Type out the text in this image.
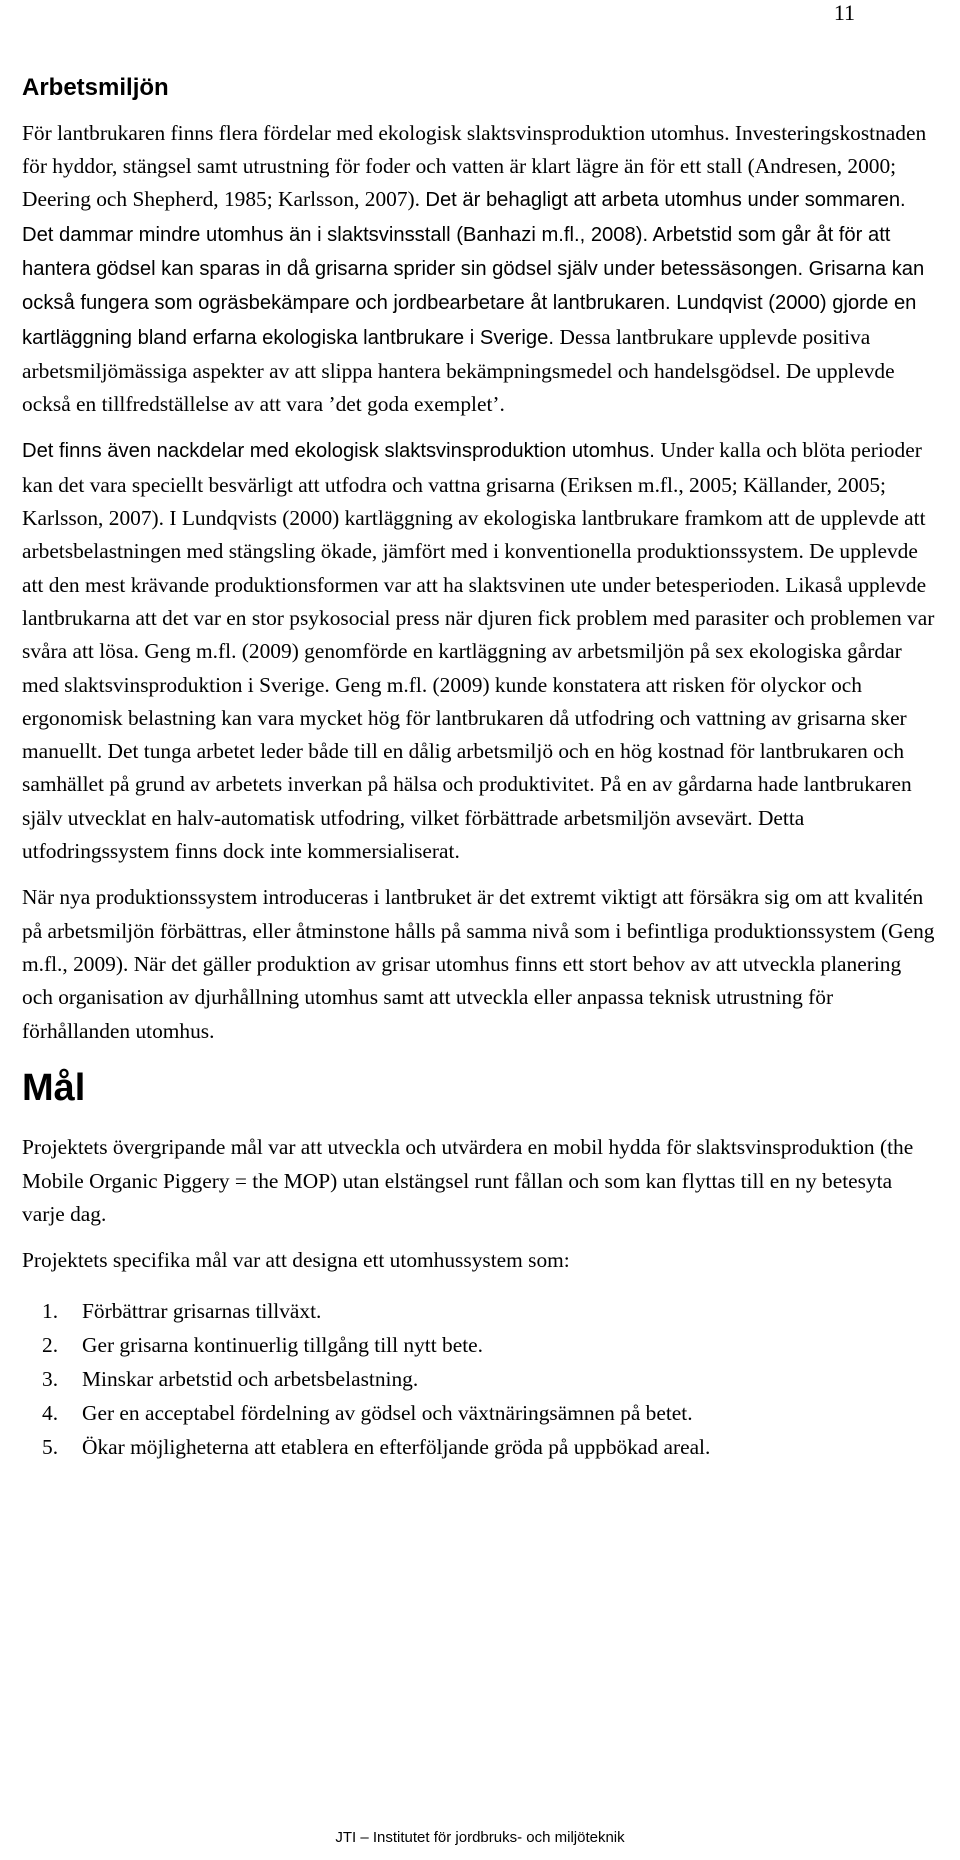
11
Arbetsmiljön

För lantbrukaren finns flera fördelar med ekologisk slaktsvinsproduktion utomhus. Investeringskostnaden för hyddor, stängsel samt utrustning för foder och vatten är klart lägre än för ett stall (Andresen, 2000; Deering och Shepherd, 1985; Karlsson, 2007). Det är behagligt att arbeta utomhus under sommaren. Det dammar mindre utomhus än i slaktsvinsstall (Banhazi m.fl., 2008). Arbetstid som går åt för att hantera gödsel kan sparas in då grisarna sprider sin gödsel själv under betessäsongen. Grisarna kan också fungera som ogräsbekämpare och jordbearbetare åt lantbrukaren. Lundqvist (2000) gjorde en kartläggning bland erfarna ekologiska lantbrukare i Sverige. Dessa lantbrukare upplevde positiva arbetsmiljömässiga aspekter av att slippa hantera bekämpningsmedel och handelsgödsel. De upplevde också en tillfredställelse av att vara ’det goda exemplet’.

Det finns även nackdelar med ekologisk slaktsvinsproduktion utomhus. Under kalla och blöta perioder kan det vara speciellt besvärligt att utfodra och vattna grisarna (Eriksen m.fl., 2005; Källander, 2005; Karlsson, 2007). I Lundqvists (2000) kartläggning av ekologiska lantbrukare framkom att de upplevde att arbetsbelastningen med stängsling ökade, jämfört med i konventionella produktionssystem. De upplevde att den mest krävande produktionsformen var att ha slaktsvinen ute under betesperioden. Likaså upplevde lantbrukarna att det var en stor psykosocial press när djuren fick problem med parasiter och problemen var svåra att lösa. Geng m.fl. (2009) genomförde en kartläggning av arbetsmiljön på sex ekologiska gårdar med slaktsvinsproduktion i Sverige. Geng m.fl. (2009) kunde konstatera att risken för olyckor och ergonomisk belastning kan vara mycket hög för lantbrukaren då utfodring och vattning av grisarna sker manuellt. Det tunga arbetet leder både till en dålig arbetsmiljö och en hög kostnad för lantbrukaren och samhället på grund av arbetets inverkan på hälsa och produktivitet. På en av gårdarna hade lantbrukaren själv utvecklat en halv-automatisk utfodring, vilket förbättrade arbetsmiljön avsevärt. Detta utfodringssystem finns dock inte kommersialiserat.

När nya produktionssystem introduceras i lantbruket är det extremt viktigt att försäkra sig om att kvalitén på arbetsmiljön förbättras, eller åtminstone hålls på samma nivå som i befintliga produktionssystem (Geng m.fl., 2009). När det gäller produktion av grisar utomhus finns ett stort behov av att utveckla planering och organisation av djurhållning utomhus samt att utveckla eller anpassa teknisk utrustning för förhållanden utomhus.

Mål

Projektets övergripande mål var att utveckla och utvärdera en mobil hydda för slaktsvinsproduktion (the Mobile Organic Piggery = the MOP) utan elstängsel runt fållan och som kan flyttas till en ny betesyta varje dag.

Projektets specifika mål var att designa ett utomhussystem som:

1.	Förbättrar grisarnas tillväxt.
2.	Ger grisarna kontinuerlig tillgång till nytt bete.
3.	Minskar arbetstid och arbetsbelastning.
4.	Ger en acceptabel fördelning av gödsel och växtnäringsämnen på betet.
5.	Ökar möjligheterna att etablera en efterföljande gröda på uppbökad areal.
JTI – Institutet för jordbruks- och miljöteknik
